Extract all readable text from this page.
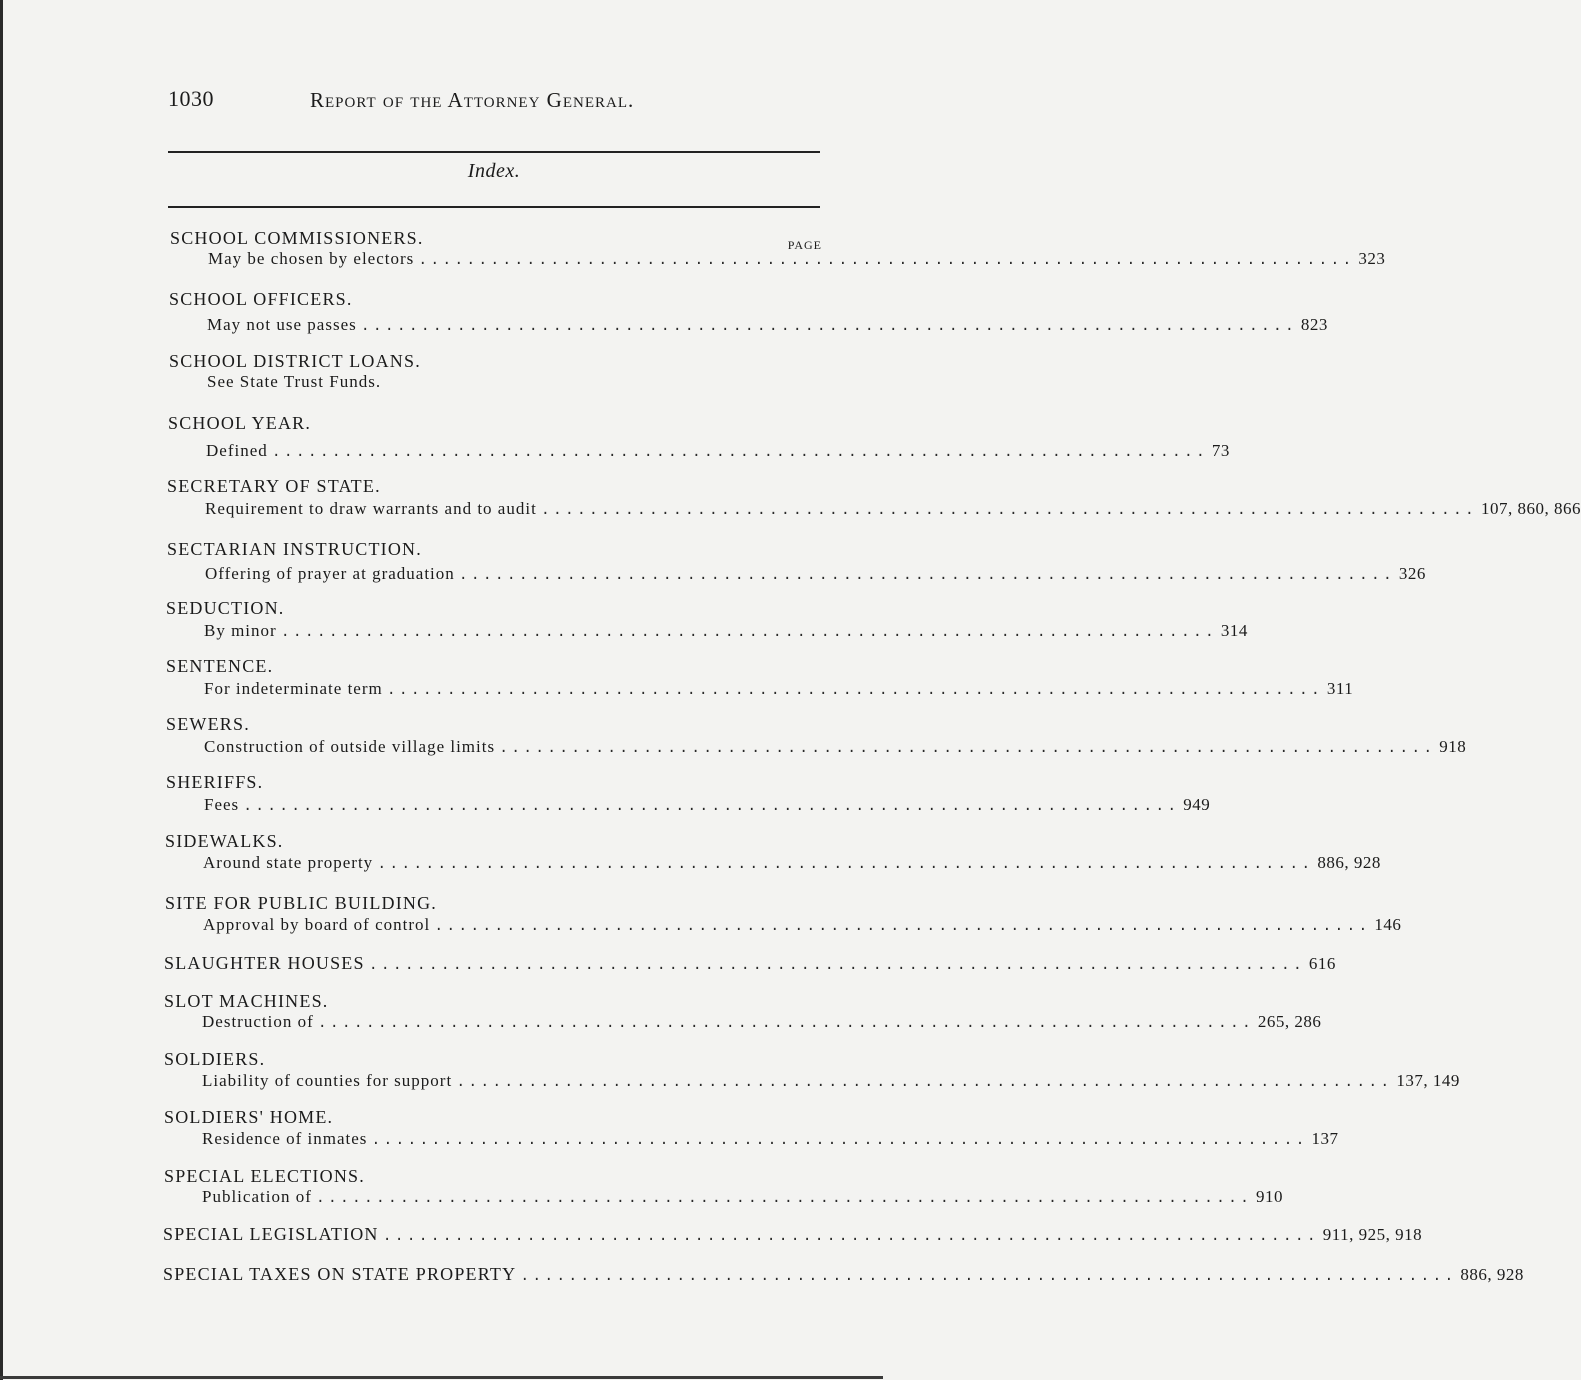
1030	Report of the Attorney General.
Index.
PAGE
SCHOOL COMMISSIONERS.
May be chosen by electors .............................................................................. 323
SCHOOL OFFICERS.
May not use passes .............................................................................. 823
SCHOOL DISTRICT LOANS.
See State Trust Funds.
SCHOOL YEAR.
Defined .............................................................................. 73
SECRETARY OF STATE.
Requirement to draw warrants and to audit .............................................................................. 107, 860, 866
SECTARIAN INSTRUCTION.
Offering of prayer at graduation .............................................................................. 326
SEDUCTION.
By minor .............................................................................. 314
SENTENCE.
For indeterminate term .............................................................................. 311
SEWERS.
Construction of outside village limits .............................................................................. 918
SHERIFFS.
Fees .............................................................................. 949
SIDEWALKS.
Around state property .............................................................................. 886, 928
SITE FOR PUBLIC BUILDING.
Approval by board of control .............................................................................. 146
SLAUGHTER HOUSES .............................................................................. 616
SLOT MACHINES.
Destruction of .............................................................................. 265, 286
SOLDIERS.
Liability of counties for support .............................................................................. 137, 149
SOLDIERS' HOME.
Residence of inmates .............................................................................. 137
SPECIAL ELECTIONS.
Publication of .............................................................................. 910
SPECIAL LEGISLATION .............................................................................. 911, 925, 918
SPECIAL TAXES ON STATE PROPERTY .............................................................................. 886, 928
